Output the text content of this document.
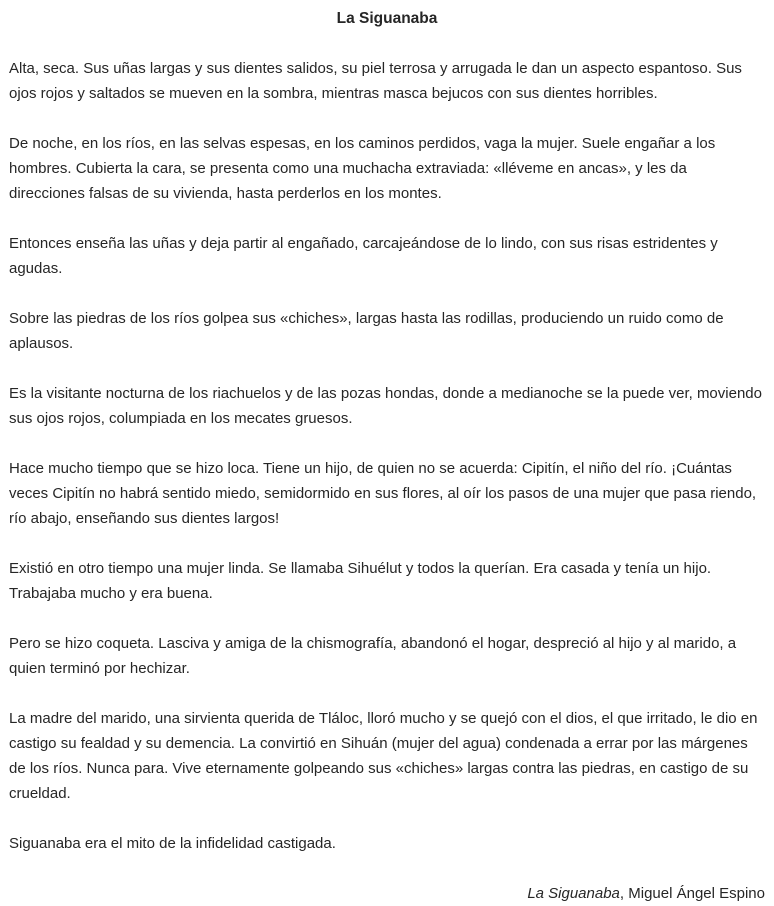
La Siguanaba

Alta, seca. Sus uñas largas y sus dientes salidos, su piel terrosa y arrugada le dan un aspecto espantoso. Sus ojos rojos y saltados se mueven en la sombra, mientras masca bejucos con sus dientes horribles.

De noche, en los ríos, en las selvas espesas, en los caminos perdidos, vaga la mujer. Suele engañar a los hombres. Cubierta la cara, se presenta como una muchacha extraviada: «lléveme en ancas», y les da direcciones falsas de su vivienda, hasta perderlos en los montes.

Entonces enseña las uñas y deja partir al engañado, carcajeándose de lo lindo, con sus risas estridentes y agudas.

Sobre las piedras de los ríos golpea sus «chiches», largas hasta las rodillas, produciendo un ruido como de aplausos.

Es la visitante nocturna de los riachuelos y de las pozas hondas, donde a medianoche se la puede ver, moviendo sus ojos rojos, columpiada en los mecates gruesos.

Hace mucho tiempo que se hizo loca. Tiene un hijo, de quien no se acuerda: Cipitín, el niño del río. ¡Cuántas veces Cipitín no habrá sentido miedo, semidormido en sus flores, al oír los pasos de una mujer que pasa riendo, río abajo, enseñando sus dientes largos!

Existió en otro tiempo una mujer linda. Se llamaba Sihuélut y todos la querían. Era casada y tenía un hijo. Trabajaba mucho y era buena.

Pero se hizo coqueta. Lasciva y amiga de la chismografía, abandonó el hogar, despreció al hijo y al marido, a quien terminó por hechizar.

La madre del marido, una sirvienta querida de Tláloc, lloró mucho y se quejó con el dios, el que irritado, le dio en castigo su fealdad y su demencia. La convirtió en Sihuán (mujer del agua) condenada a errar por las márgenes de los ríos. Nunca para. Vive eternamente golpeando sus «chiches» largas contra las piedras, en castigo de su crueldad.

Siguanaba era el mito de la infidelidad castigada.

La Siguanaba, Miguel Ángel Espino
